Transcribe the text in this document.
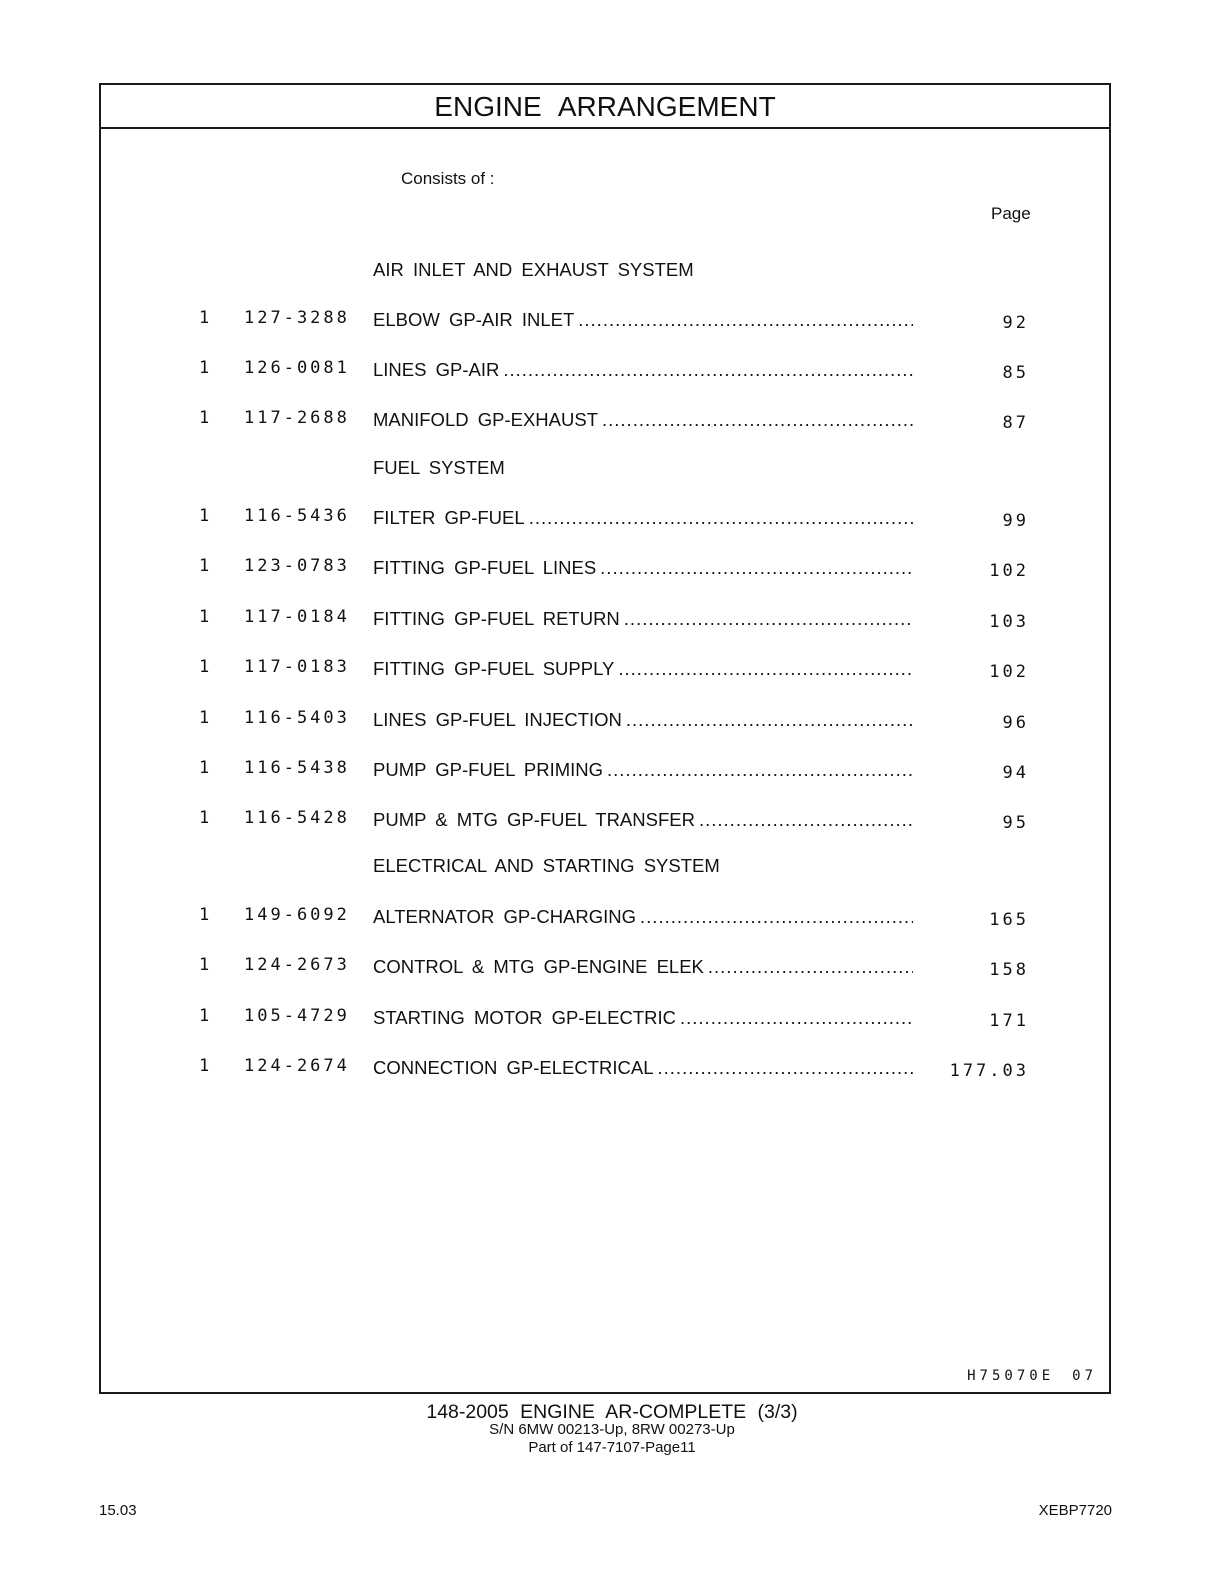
ENGINE ARRANGEMENT
Consists of :
Page
AIR INLET AND EXHAUST SYSTEM
1 127-3288 ELBOW GP-AIR INLET .....	92
1 126-0081 LINES GP-AIR .....	85
1 117-2688 MANIFOLD GP-EXHAUST .....	87
FUEL SYSTEM
1 116-5436 FILTER GP-FUEL .....	99
1 123-0783 FITTING GP-FUEL LINES .....	102
1 117-0184 FITTING GP-FUEL RETURN .....	103
1 117-0183 FITTING GP-FUEL SUPPLY .....	102
1 116-5403 LINES GP-FUEL INJECTION .....	96
1 116-5438 PUMP GP-FUEL PRIMING .....	94
1 116-5428 PUMP & MTG GP-FUEL TRANSFER .....	95
ELECTRICAL AND STARTING SYSTEM
1 149-6092 ALTERNATOR GP-CHARGING .....	165
1 124-2673 CONTROL & MTG GP-ENGINE ELEK .....	158
1 105-4729 STARTING MOTOR GP-ELECTRIC .....	171
1 124-2674 CONNECTION GP-ELECTRICAL .....	177.03
H75070E 07
148-2005 ENGINE AR-COMPLETE (3/3)
S/N 6MW 00213-Up, 8RW 00273-Up
Part of 147-7107-Page11
15.03	XEBP7720
